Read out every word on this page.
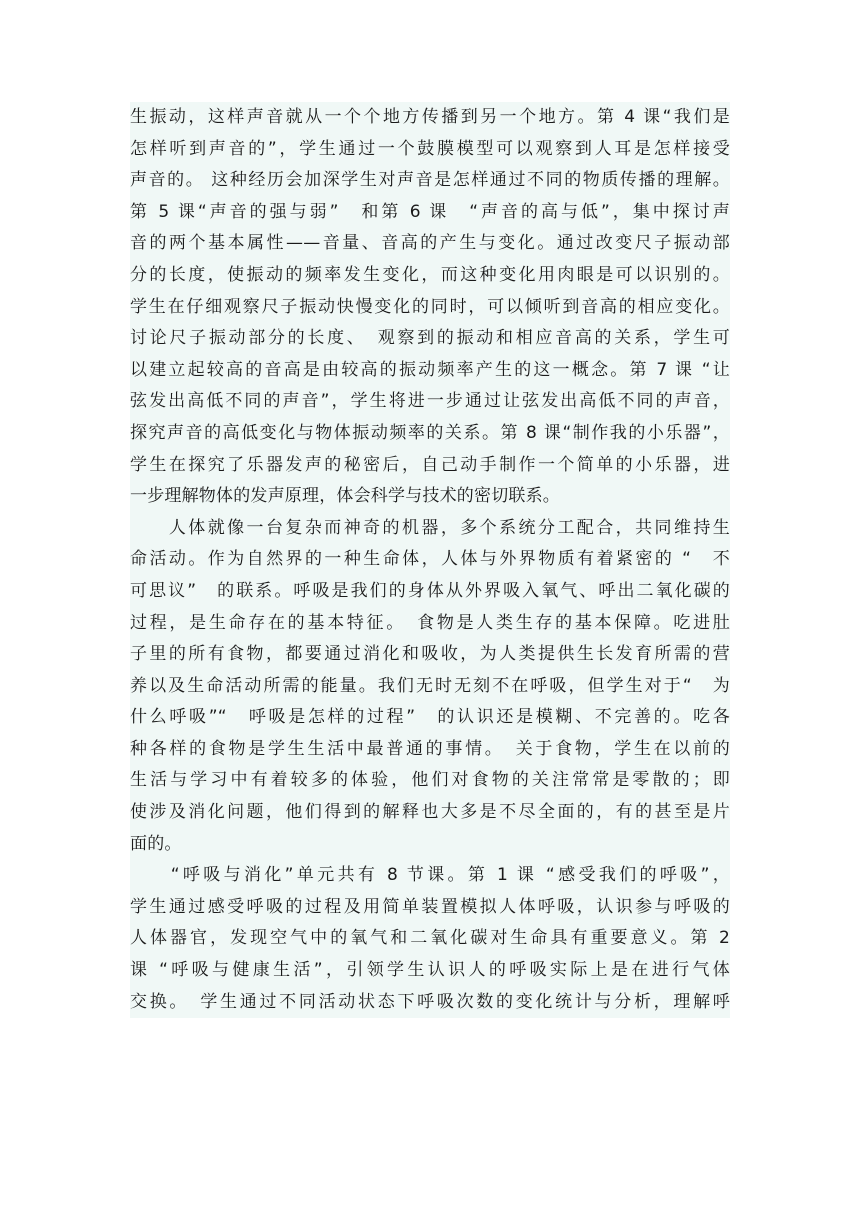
生振动，这样声音就从一个个地方传播到另一个地方。第 4 课“我们是
怎样听到声音的”，学生通过一个鼓膜模型可以观察到人耳是怎样接受
声音的。 这种经历会加深学生对声音是怎样通过不同的物质传播的理解。
第 5 课“声音的强与弱”　和第 6 课　“声音的高与低”，集中探讨声
音的两个基本属性——音量、音高的产生与变化。通过改变尺子振动部
分的长度，使振动的频率发生变化，而这种变化用肉眼是可以识别的。
学生在仔细观察尺子振动快慢变化的同时，可以倾听到音高的相应变化。
讨论尺子振动部分的长度、　观察到的振动和相应音高的关系，学生可
以建立起较高的音高是由较高的振动频率产生的这一概念。第 7 课 “让
弦发出高低不同的声音”，学生将进一步通过让弦发出高低不同的声音，
探究声音的高低变化与物体振动频率的关系。第 8 课“制作我的小乐器”，
学生在探究了乐器发声的秘密后，自己动手制作一个简单的小乐器，进
一步理解物体的发声原理，体会科学与技术的密切联系。
　　人体就像一台复杂而神奇的机器，多个系统分工配合，共同维持生
命活动。作为自然界的一种生命体，人体与外界物质有着紧密的 “　不
可思议”　的联系。呼吸是我们的身体从外界吸入氧气、呼出二氧化碳的
过程，是生命存在的基本特征。　食物是人类生存的基本保障。吃进肚
子里的所有食物，都要通过消化和吸收，为人类提供生长发育所需的营
养以及生命活动所需的能量。我们无时无刻不在呼吸，但学生对于“　为
什么呼吸”“　呼吸是怎样的过程”　的认识还是模糊、不完善的。吃各
种各样的食物是学生生活中最普通的事情。　关于食物，学生在以前的
生活与学习中有着较多的体验，他们对食物的关注常常是零散的；即
使涉及消化问题，他们得到的解释也大多是不尽全面的，有的甚至是片
面的。
　　“呼吸与消化”单元共有 8 节课。第 1 课 “感受我们的呼吸”，
学生通过感受呼吸的过程及用简单装置模拟人体呼吸，认识参与呼吸的
人体器官，发现空气中的氧气和二氧化碳对生命具有重要意义。第 2
课 “呼吸与健康生活”，引领学生认识人的呼吸实际上是在进行气体
交换。　学生通过不同活动状态下呼吸次数的变化统计与分析，理解呼
